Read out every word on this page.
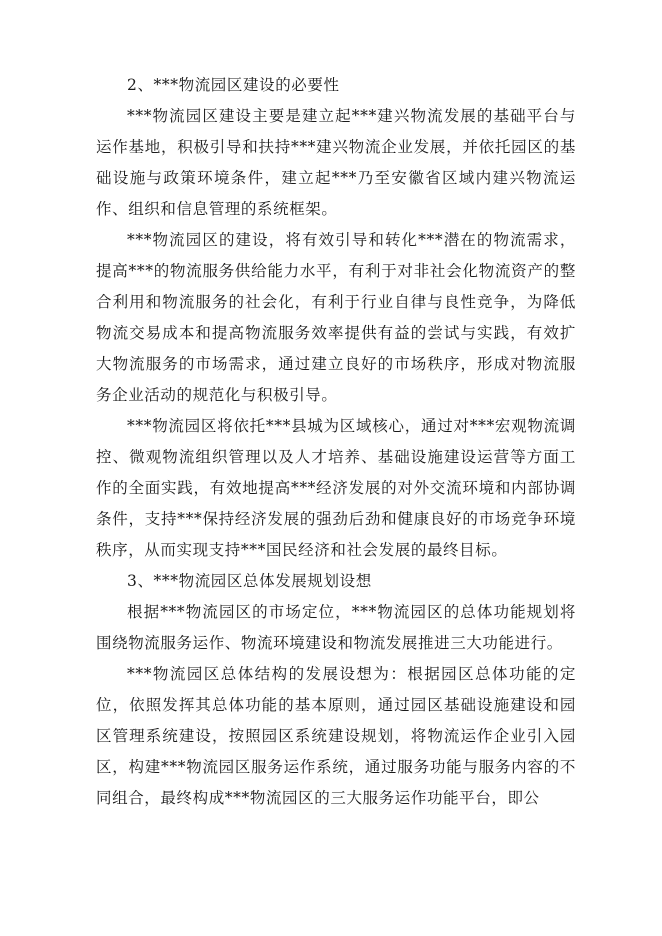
2、***物流园区建设的必要性

***物流园区建设主要是建立起***建兴物流发展的基础平台与运作基地，积极引导和扶持***建兴物流企业发展，并依托园区的基础设施与政策环境条件，建立起***乃至安徽省区域内建兴物流运作、组织和信息管理的系统框架。

***物流园区的建设，将有效引导和转化***潜在的物流需求，提高***的物流服务供给能力水平，有利于对非社会化物流资产的整合利用和物流服务的社会化，有利于行业自律与良性竞争，为降低物流交易成本和提高物流服务效率提供有益的尝试与实践，有效扩大物流服务的市场需求，通过建立良好的市场秩序，形成对物流服务企业活动的规范化与积极引导。

***物流园区将依托***县城为区域核心，通过对***宏观物流调控、微观物流组织管理以及人才培养、基础设施建设运营等方面工作的全面实践，有效地提高***经济发展的对外交流环境和内部协调条件，支持***保持经济发展的强劲后劲和健康良好的市场竞争环境秩序，从而实现支持***国民经济和社会发展的最终目标。

3、***物流园区总体发展规划设想

根据***物流园区的市场定位，***物流园区的总体功能规划将围绕物流服务运作、物流环境建设和物流发展推进三大功能进行。

***物流园区总体结构的发展设想为：根据园区总体功能的定位，依照发挥其总体功能的基本原则，通过园区基础设施建设和园区管理系统建设，按照园区系统建设规划，将物流运作企业引入园区，构建***物流园区服务运作系统，通过服务功能与服务内容的不同组合，最终构成***物流园区的三大服务运作功能平台，即公
